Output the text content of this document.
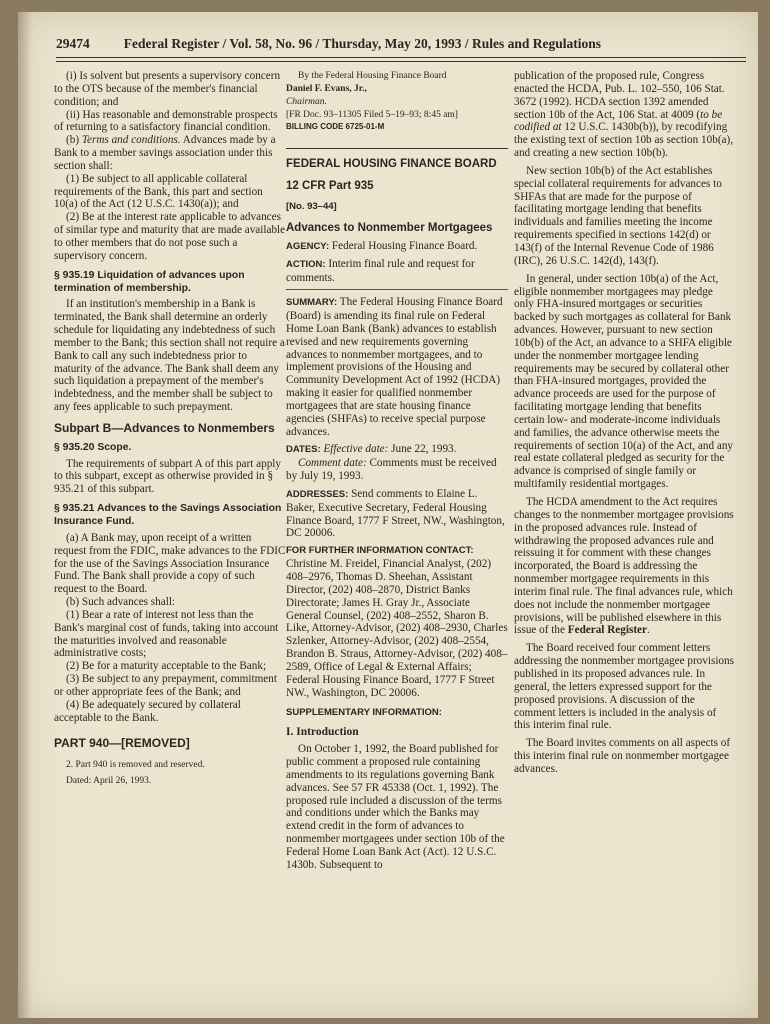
29474	Federal Register / Vol. 58, No. 96 / Thursday, May 20, 1993 / Rules and Regulations

(i) Is solvent but presents a supervisory concern to the OTS because of the member's financial condition; and

(ii) Has reasonable and demonstrable prospects of returning to a satisfactory financial condition.

(b) Terms and conditions. Advances made by a Bank to a member savings association under this section shall:

(1) Be subject to all applicable collateral requirements of the Bank, this part and section 10(a) of the Act (12 U.S.C. 1430(a)); and

(2) Be at the interest rate applicable to advances of similar type and maturity that are made available to other members that do not pose such a supervisory concern.

§ 935.19 Liquidation of advances upon termination of membership.

If an institution's membership in a Bank is terminated, the Bank shall determine an orderly schedule for liquidating any indebtedness of such member to the Bank; this section shall not require a Bank to call any such indebtedness prior to maturity of the advance. The Bank shall deem any such liquidation a prepayment of the member's indebtedness, and the member shall be subject to any fees applicable to such prepayment.

Subpart B—Advances to Nonmembers
§ 935.20 Scope.

The requirements of subpart A of this part apply to this subpart, except as otherwise provided in § 935.21 of this subpart.

§ 935.21 Advances to the Savings Association Insurance Fund.

(a) A Bank may, upon receipt of a written request from the FDIC, make advances to the FDIC for the use of the Savings Association Insurance Fund. The Bank shall provide a copy of such request to the Board.

(b) Such advances shall:

(1) Bear a rate of interest not less than the Bank's marginal cost of funds, taking into account the maturities involved and reasonable administrative costs;

(2) Be for a maturity acceptable to the Bank;

(3) Be subject to any prepayment, commitment or other appropriate fees of the Bank; and

(4) Be adequately secured by collateral acceptable to the Bank.

PART 940—[REMOVED]

2. Part 940 is removed and reserved.

Dated: April 26, 1993.

By the Federal Housing Finance Board

Daniel F. Evans, Jr.,

Chairman.

[FR Doc. 93–11305 Filed 5–19–93; 8:45 am]

BILLING CODE 6725-01-M

FEDERAL HOUSING FINANCE BOARD
12 CFR Part 935
[No. 93–44]
Advances to Nonmember Mortgagees

AGENCY: Federal Housing Finance Board.

ACTION: Interim final rule and request for comments.

SUMMARY: The Federal Housing Finance Board (Board) is amending its final rule on Federal Home Loan Bank (Bank) advances to establish revised and new requirements governing advances to nonmember mortgagees, and to implement provisions of the Housing and Community Development Act of 1992 (HCDA) making it easier for qualified nonmember mortgagees that are state housing finance agencies (SHFAs) to receive special purpose advances.

DATES: Effective date: June 22, 1993.

Comment date: Comments must be received by July 19, 1993.

ADDRESSES: Send comments to Elaine L. Baker, Executive Secretary, Federal Housing Finance Board, 1777 F Street, NW., Washington, DC 20006.

FOR FURTHER INFORMATION CONTACT:

Christine M. Freidel, Financial Analyst, (202) 408–2976, Thomas D. Sheehan, Assistant Director, (202) 408–2870, District Banks Directorate; James H. Gray Jr., Associate General Counsel, (202) 408–2552, Sharon B. Like, Attorney-Advisor, (202) 408–2930, Charles Szlenker, Attorney-Advisor, (202) 408–2554, Brandon B. Straus, Attorney-Advisor, (202) 408–2589, Office of Legal & External Affairs; Federal Housing Finance Board, 1777 F Street NW., Washington, DC 20006.

SUPPLEMENTARY INFORMATION:

I. Introduction

On October 1, 1992, the Board published for public comment a proposed rule containing amendments to its regulations governing Bank advances. See 57 FR 45338 (Oct. 1, 1992). The proposed rule included a discussion of the terms and conditions under which the Banks may extend credit in the form of advances to nonmember mortgagees under section 10b of the Federal Home Loan Bank Act (Act). 12 U.S.C. 1430b. Subsequent to

publication of the proposed rule, Congress enacted the HCDA, Pub. L. 102–550, 106 Stat. 3672 (1992). HCDA section 1392 amended section 10b of the Act, 106 Stat. at 4009 (to be codified at 12 U.S.C. 1430b(b)), by recodifying the existing text of section 10b as section 10b(a), and creating a new section 10b(b).

New section 10b(b) of the Act establishes special collateral requirements for advances to SHFAs that are made for the purpose of facilitating mortgage lending that benefits individuals and families meeting the income requirements specified in sections 142(d) or 143(f) of the Internal Revenue Code of 1986 (IRC), 26 U.S.C. 142(d), 143(f).

In general, under section 10b(a) of the Act, eligible nonmember mortgagees may pledge only FHA-insured mortgages or securities backed by such mortgages as collateral for Bank advances. However, pursuant to new section 10b(b) of the Act, an advance to a SHFA eligible under the nonmember mortgagee lending requirements may be secured by collateral other than FHA-insured mortgages, provided the advance proceeds are used for the purpose of facilitating mortgage lending that benefits certain low- and moderate-income individuals and families, the advance otherwise meets the requirements of section 10(a) of the Act, and any real estate collateral pledged as security for the advance is comprised of single family or multifamily residential mortgages.

The HCDA amendment to the Act requires changes to the nonmember mortgagee provisions in the proposed advances rule. Instead of withdrawing the proposed advances rule and reissuing it for comment with these changes incorporated, the Board is addressing the nonmember mortgagee requirements in this interim final rule. The final advances rule, which does not include the nonmember mortgagee provisions, will be published elsewhere in this issue of the Federal Register.

The Board received four comment letters addressing the nonmember mortgagee provisions published in its proposed advances rule. In general, the letters expressed support for the proposed provisions. A discussion of the comment letters is included in the analysis of this interim final rule.

The Board invites comments on all aspects of this interim final rule on nonmember mortgagee advances.
